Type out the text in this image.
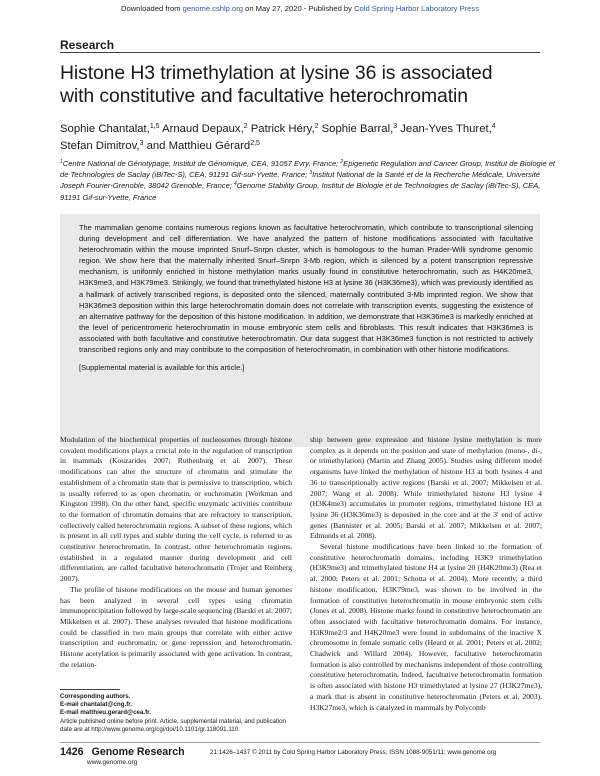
Downloaded from genome.cshlp.org on May 27, 2020 - Published by Cold Spring Harbor Laboratory Press
Research
Histone H3 trimethylation at lysine 36 is associated
with constitutive and facultative heterochromatin
Sophie Chantalat,$^{1,5}$ Arnaud Depaux,$^2$ Patrick Héry,$^2$ Sophie Barral,$^3$ Jean-Yves Thuret,$^4$
Stefan Dimitrov,$^3$ and Matthieu Gérard$^{2,5}$
$^1$Centre National de Génotypage, Institut de Génomique, CEA, 91057 Evry, France; $^2$Epigenetic Regulation and Cancer Group, Institut de Biologie et de Technologies de Saclay (iBiTec-S), CEA, 91191 Gif-sur-Yvette, France; $^3$Institut National de la Santé et de la Recherche Médicale, Université Joseph Fourier-Grenoble, 38042 Grenoble, France; $^4$Genome Stability Group, Institut de Biologie et de Technologies de Saclay (iBiTec-S), CEA, 91191 Gif-sur-Yvette, France
The mammalian genome contains numerous regions known as facultative heterochromatin, which contribute to transcriptional silencing during development and cell differentiation. We have analyzed the pattern of histone modifications associated with facultative heterochromatin within the mouse imprinted Snurf–Snrpn cluster, which is homologous to the human Prader-Willi syndrome genomic region. We show here that the maternally inherited Snurf–Snrpn 3-Mb region, which is silenced by a potent transcription repressive mechanism, is uniformly enriched in histone methylation marks usually found in constitutive heterochromatin, such as H4K20me3, H3K9me3, and H3K79me3. Strikingly, we found that trimethylated histone H3 at lysine 36 (H3K36me3), which was previously identified as a hallmark of actively transcribed regions, is deposited onto the silenced, maternally contributed 3-Mb imprinted region. We show that H3K36me3 deposition within this large heterochromatin domain does not correlate with transcription events, suggesting the existence of an alternative pathway for the deposition of this histone modification. In addition, we demonstrate that H3K36me3 is markedly enriched at the level of pericentromeric heterochromatin in mouse embryonic stem cells and fibroblasts. This result indicates that H3K36me3 is associated with both facultative and constitutive heterochromatin. Our data suggest that H3K36me3 function is not restricted to actively transcribed regions only and may contribute to the composition of heterochromatin, in combination with other histone modifications.
[Supplemental material is available for this article.]

Modulation of the biochemical properties of nucleosomes through histone covalent modifications plays a crucial role in the regulation of transcription in mammals (Kouzarides 2007; Ruthenburg et al. 2007). These modifications can alter the structure of chromatin and stimulate the establishment of a chromatin state that is permissive to transcription, which is usually referred to as open chromatin, or euchromatin (Workman and Kingston 1998). On the other hand, specific enzymatic activities contribute to the formation of chromatin domains that are refractory to transcription, collectively called heterochromatin regions. A subset of these regions, which is present in all cell types and stable during the cell cycle, is referred to as constitutive heterochromatin. In contrast, other heterochromatin regions, established in a regulated manner during development and cell differentiation, are called facultative heterochromatin (Trojer and Reinberg 2007).

The profile of histone modifications on the mouse and human genomes has been analyzed in several cell types using chromatin immunoprecipitation followed by large-scale sequencing (Barski et al. 2007; Mikkelsen et al. 2007). These analyses revealed that histone modifications could be classified in two main groups that correlate with either active transcription and euchromatin, or gene repression and heterochromatin. Histone acetylation is primarily associated with gene activation. In contrast, the relation-

Corresponding authors.
E-mail chantalat@cng.fr.
E-mail matthieu.gerard@cea.fr.
Article published online before print. Article, supplemental material, and publication date are at http://www.genome.org/cgi/doi/10.1101/gr.118091.110.

ship between gene expression and histone lysine methylation is more complex as it depends on the position and state of methylation (mono-, di-, or trimethylation) (Martin and Zhang 2005). Studies using different model organisms have linked the methylation of histone H3 at both lysines 4 and 36 to transcriptionally active regions (Barski et al. 2007; Mikkelsen et al. 2007; Wang et al. 2008). While trimethylated histone H3 lysine 4 (H3K4me3) accumulates in promoter regions, trimethylated histone H3 at lysine 36 (H3K36me3) is deposited in the core and at the 3′ end of active genes (Bannister et al. 2005; Barski et al. 2007; Mikkelsen et al. 2007; Edmunds et al. 2008).

Several histone modifications have been linked to the formation of constitutive heterochromatin domains, including H3K9 trimethylation (H3K9me3) and trimethylated histone H4 at lysine 20 (H4K20me3) (Rea et al. 2000; Peters et al. 2001; Schotta et al. 2004). More recently, a third histone modification, H3K79me3, was shown to be involved in the formation of constitutive heterochromatin in mouse embryonic stem cells (Jones et al. 2008). Histone marks found in constitutive heterochromatin are often associated with facultative heterochromatin domains. For instance, H3K9me2/3 and H4K20me3 were found in subdomains of the inactive X chromosome in female somatic cells (Heard et al. 2001; Peters et al. 2002; Chadwick and Willard 2004). However, facultative heterochromatin formation is also controlled by mechanisms independent of those controlling constitutive heterochromatin. Indeed, facultative heterochromatin formation is often associated with histone H3 trimethylated at lysine 27 (H3K27me3), a mark that is absent in constitutive heterochromatin (Peters et al. 2003). H3K27me3, which is catalyzed in mammals by Polycomb

1426 Genome Research
www.genome.org
21:1426–1437 © 2011 by Cold Spring Harbor Laboratory Press; ISSN 1088-9051/11; www.genome.org
